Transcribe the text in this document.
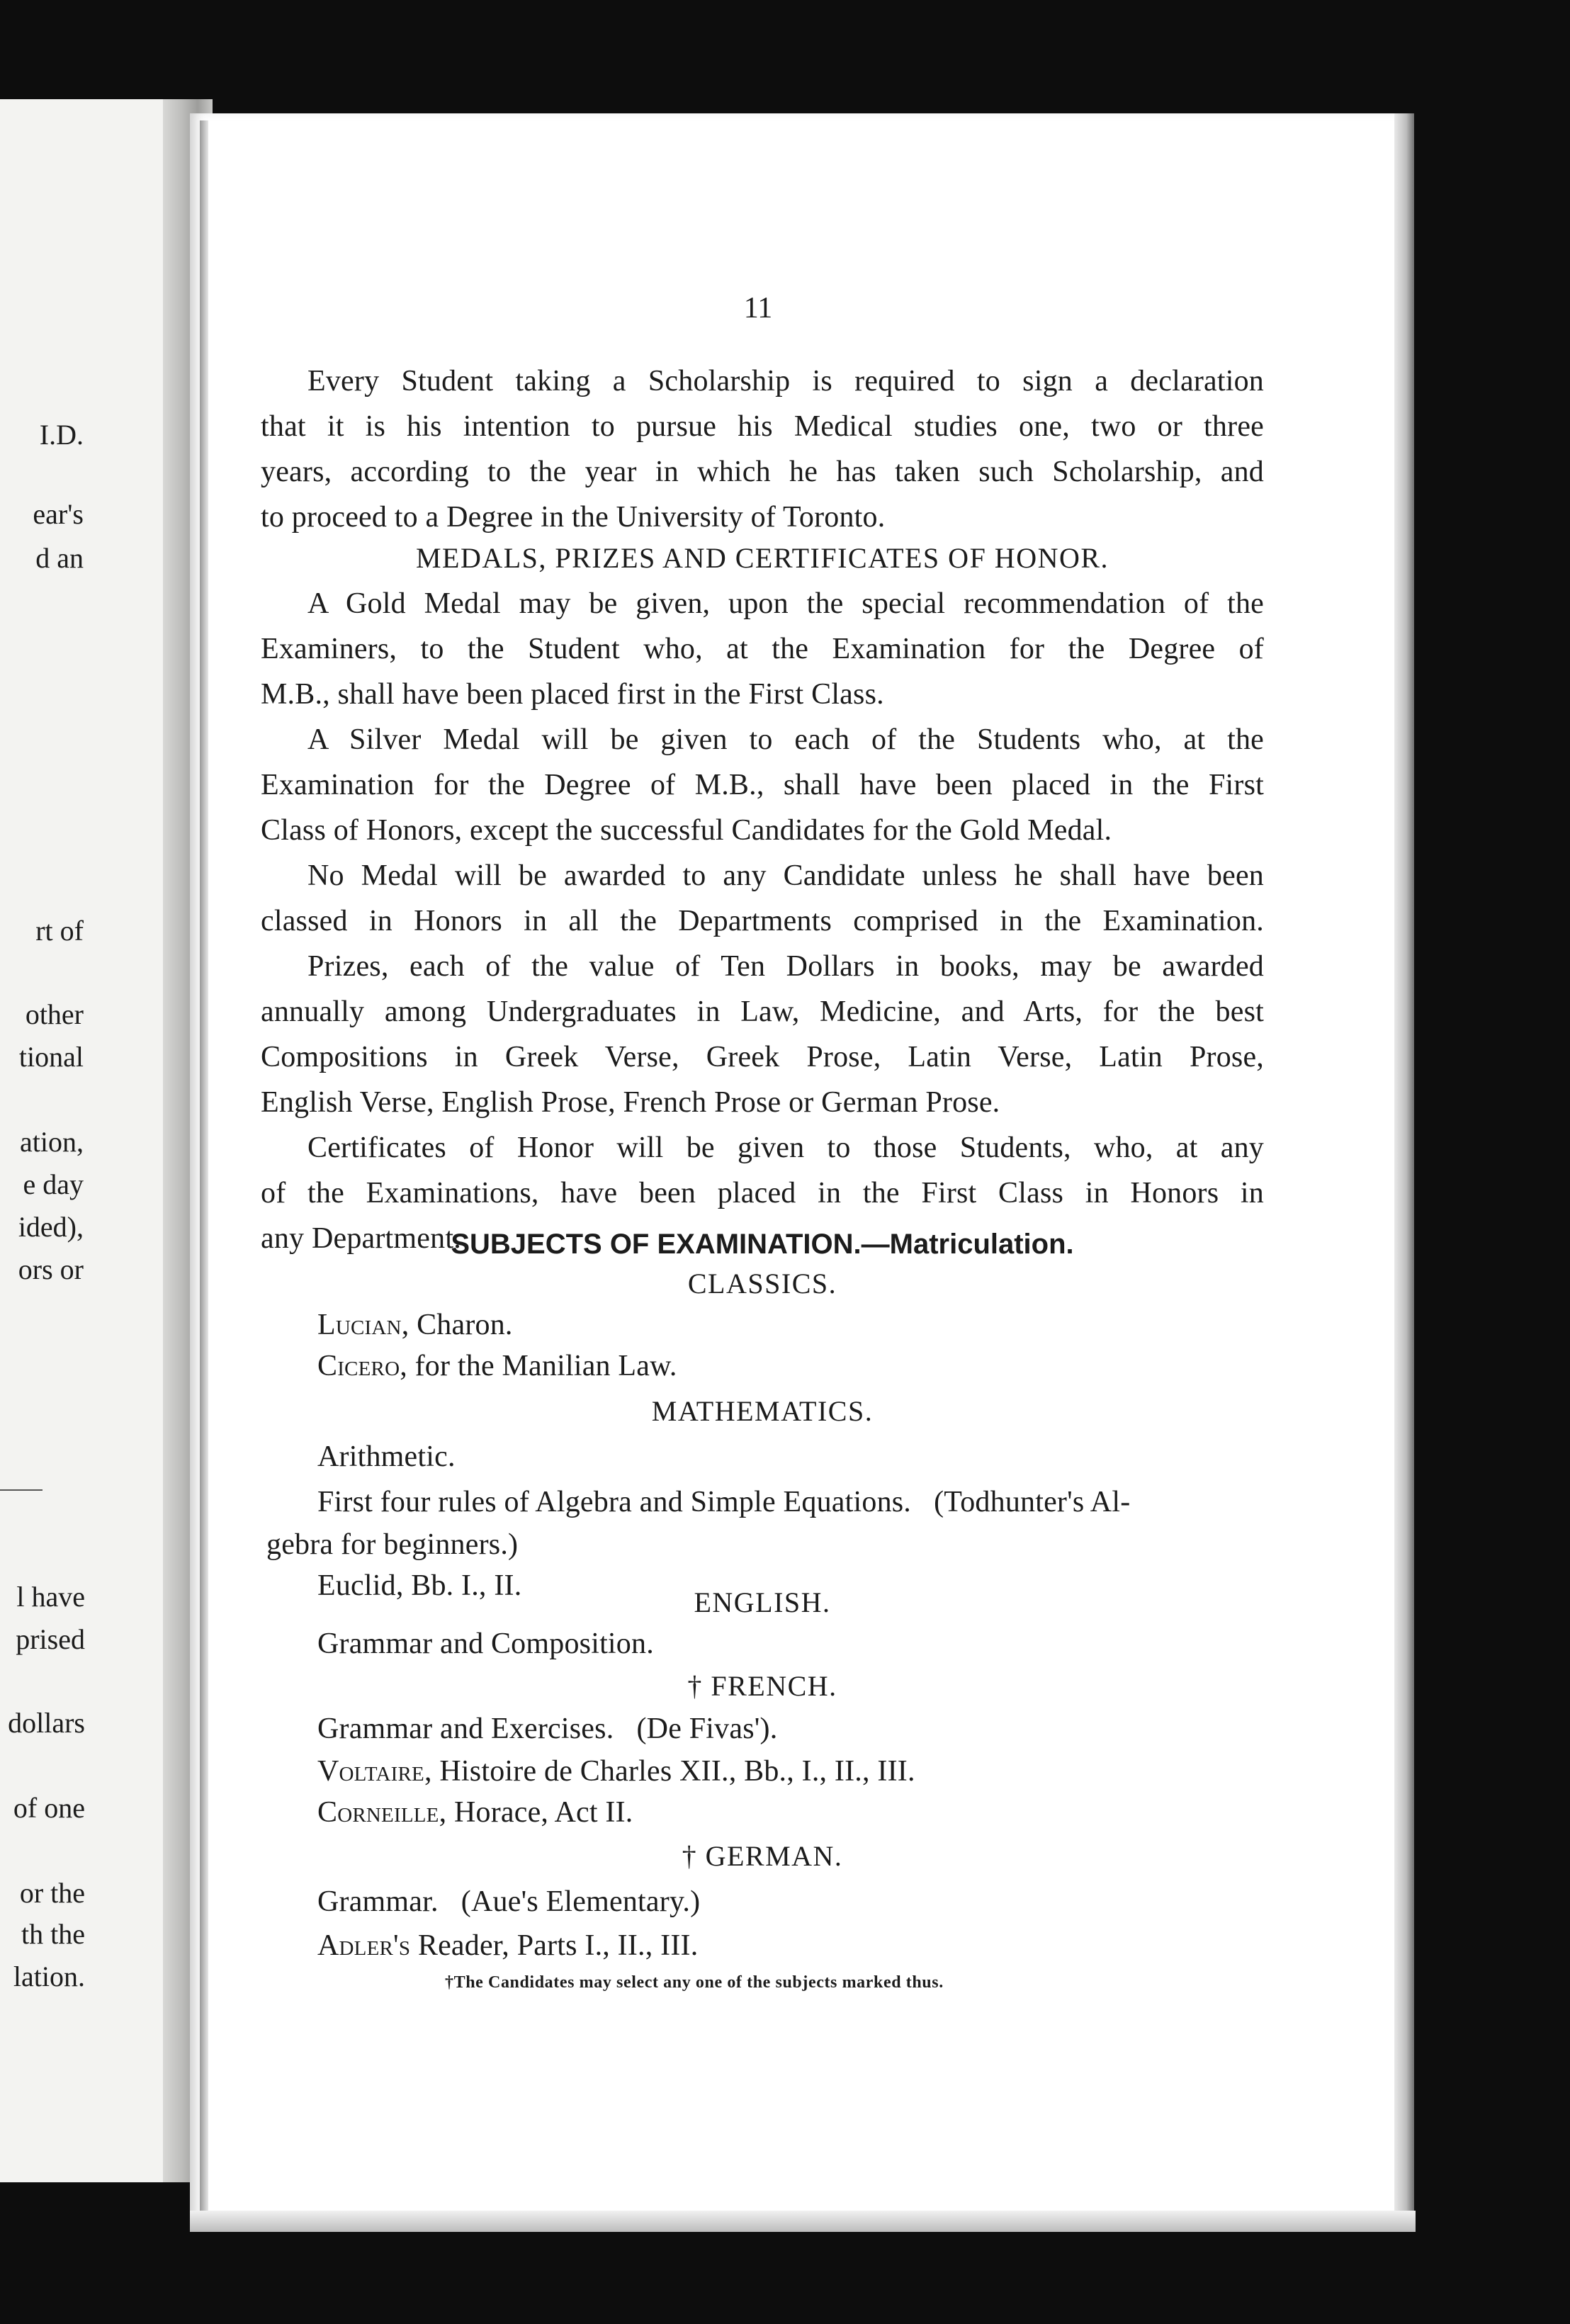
I.D.
ear's
d an
rt of
other
tional
ation,
e day
ided),
ors or
l have
prised
dollars
of one
or the
th the
lation.
11
Every Student taking a Scholarship is required to sign a declaration
that it is his intention to pursue his Medical studies one, two or three
years, according to the year in which he has taken such Scholarship, and
to proceed to a Degree in the University of Toronto.
MEDALS, PRIZES AND CERTIFICATES OF HONOR.
A Gold Medal may be given, upon the special recommendation of the
Examiners, to the Student who, at the Examination for the Degree of
M.B., shall have been placed first in the First Class.
A Silver Medal will be given to each of the Students who, at the
Examination for the Degree of M.B., shall have been placed in the First
Class of Honors, except the successful Candidates for the Gold Medal.
No Medal will be awarded to any Candidate unless he shall have been
classed in Honors in all the Departments comprised in the Examination.
Prizes, each of the value of Ten Dollars in books, may be awarded
annually among Undergraduates in Law, Medicine, and Arts, for the best
Compositions in Greek Verse, Greek Prose, Latin Verse, Latin Prose,
English Verse, English Prose, French Prose or German Prose.
Certificates of Honor will be given to those Students, who, at any
of the Examinations, have been placed in the First Class in Honors in
any Department.
SUBJECTS OF EXAMINATION.—Matriculation.
CLASSICS.
Lucian, Charon.
Cicero, for the Manilian Law.
MATHEMATICS.
Arithmetic.
First four rules of Algebra and Simple Equations.   (Todhunter's Al-
gebra for beginners.)
Euclid, Bb. I., II.
ENGLISH.
Grammar and Composition.
† FRENCH.
Grammar and Exercises.   (De Fivas').
Voltaire, Histoire de Charles XII., Bb., I., II., III.
Corneille, Horace, Act II.
† GERMAN.
Grammar.   (Aue's Elementary.)
Adler's Reader, Parts I., II., III.
†The Candidates may select any one of the subjects marked thus.
